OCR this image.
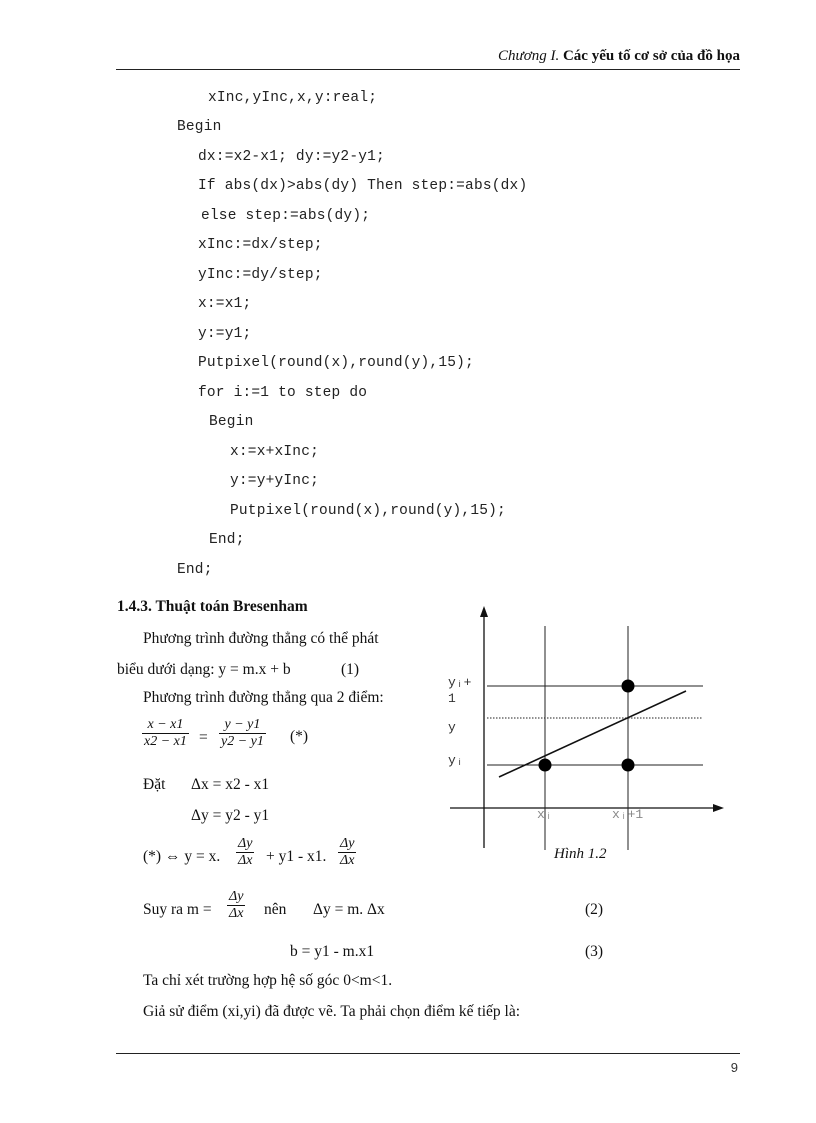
Chương I. Các yếu tố cơ sở của đồ họa
xInc,yInc,x,y:real;
Begin
dx:=x2-x1; dy:=y2-y1;
If abs(dx)>abs(dy) Then step:=abs(dx)
else step:=abs(dy);
xInc:=dx/step;
yInc:=dy/step;
x:=x1;
y:=y1;
Putpixel(round(x),round(y),15);
for i:=1 to step do
Begin
x:=x+xInc;
y:=y+yInc;
Putpixel(round(x),round(y),15);
End;
End;
1.4.3. Thuật toán Bresenham
Phương trình đường thẳng có thể phát
biểu dưới dạng: y = m.x + b	(1)
Phương trình đường thẳng qua 2 điểm:
x − x1
x2 − x1 =
y − y1
y2 − y1 (*)
Đặt Δx = x2 - x1
Δy = y2 - y1
(*) ⇔ y = x.
Δy
Δx + y1 - x1.
Δy
Δx
Suy ra m =
Δy
Δx nên Δy = m. Δx	(2)
b = y1 - m.x1	(3)
Ta chỉ xét trường hợp hệ số góc 0<m<1.
Giả sử điểm (xi,yi) đã được vẽ. Ta phải chọn điểm kế tiếp là:
yᵢ+
1
y
yᵢ
xᵢ	xᵢ+1
Hình 1.2
9
